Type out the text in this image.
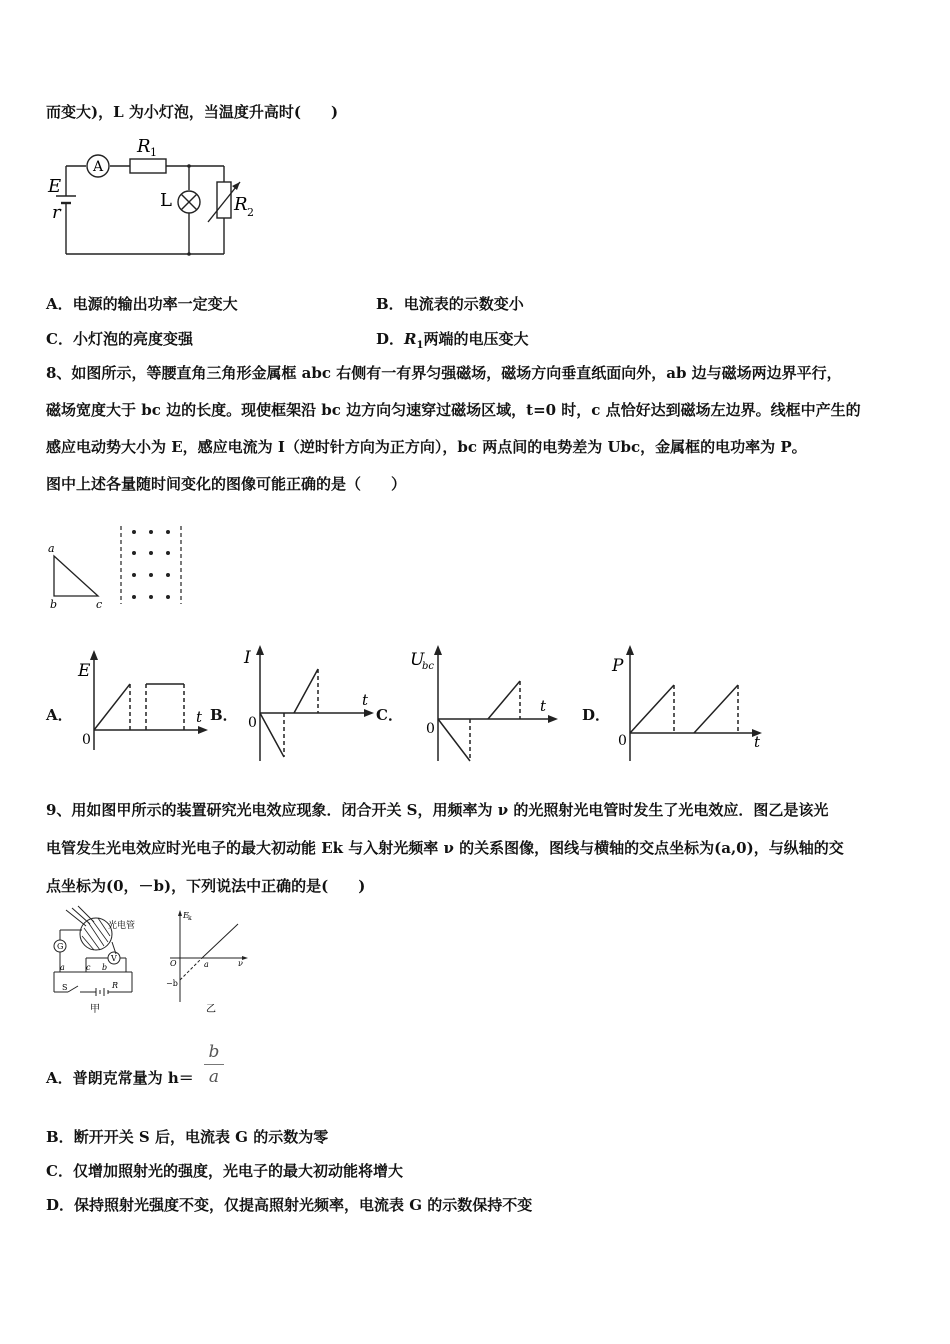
而变大)，L 为小灯泡，当温度升高时(　　)
E
r
A
R 1
L	R 2
A．电源的输出功率一定变大	B．电流表的示数变小
C．小灯泡的亮度变强	D．$R_1$两端的电压变大
8、如图所示，等腰直角三角形金属框 abc 右侧有一有界匀强磁场，磁场方向垂直纸面向外，ab 边与磁场两边界平行，
磁场宽度大于 bc 边的长度。现使框架沿 bc 边方向匀速穿过磁场区域，t=0 时，c 点恰好达到磁场左边界。线框中产生的
感应电动势大小为 E，感应电流为 I（逆时针方向为正方向），bc 两点间的电势差为 Ubc，金属框的电功率为 P。
图中上述各量随时间变化的图像可能正确的是（　　）
a
b	c
A．
E
t
0
B．
I
t
0	C．
U
bc
t
0
D．
P
t
0
9、用如图甲所示的装置研究光电效应现象．闭合开关 S，用频率为 ν 的光照射光电管时发生了光电效应．图乙是该光
电管发生光电效应时光电子的最大初动能 Ek 与入射光频率 ν 的关系图像，图线与横轴的交点坐标为(a,0)，与纵轴的交
点坐标为(0，－b)，下列说法中正确的是(　　)
光电管
G
V
a	c b
S	R
甲
E k
O	a	ν
−b
乙
A．普朗克常量为 h＝
b
a
B．断开开关 S 后，电流表 G 的示数为零
C．仅增加照射光的强度，光电子的最大初动能将增大
D．保持照射光强度不变，仅提高照射光频率，电流表 G 的示数保持不变
